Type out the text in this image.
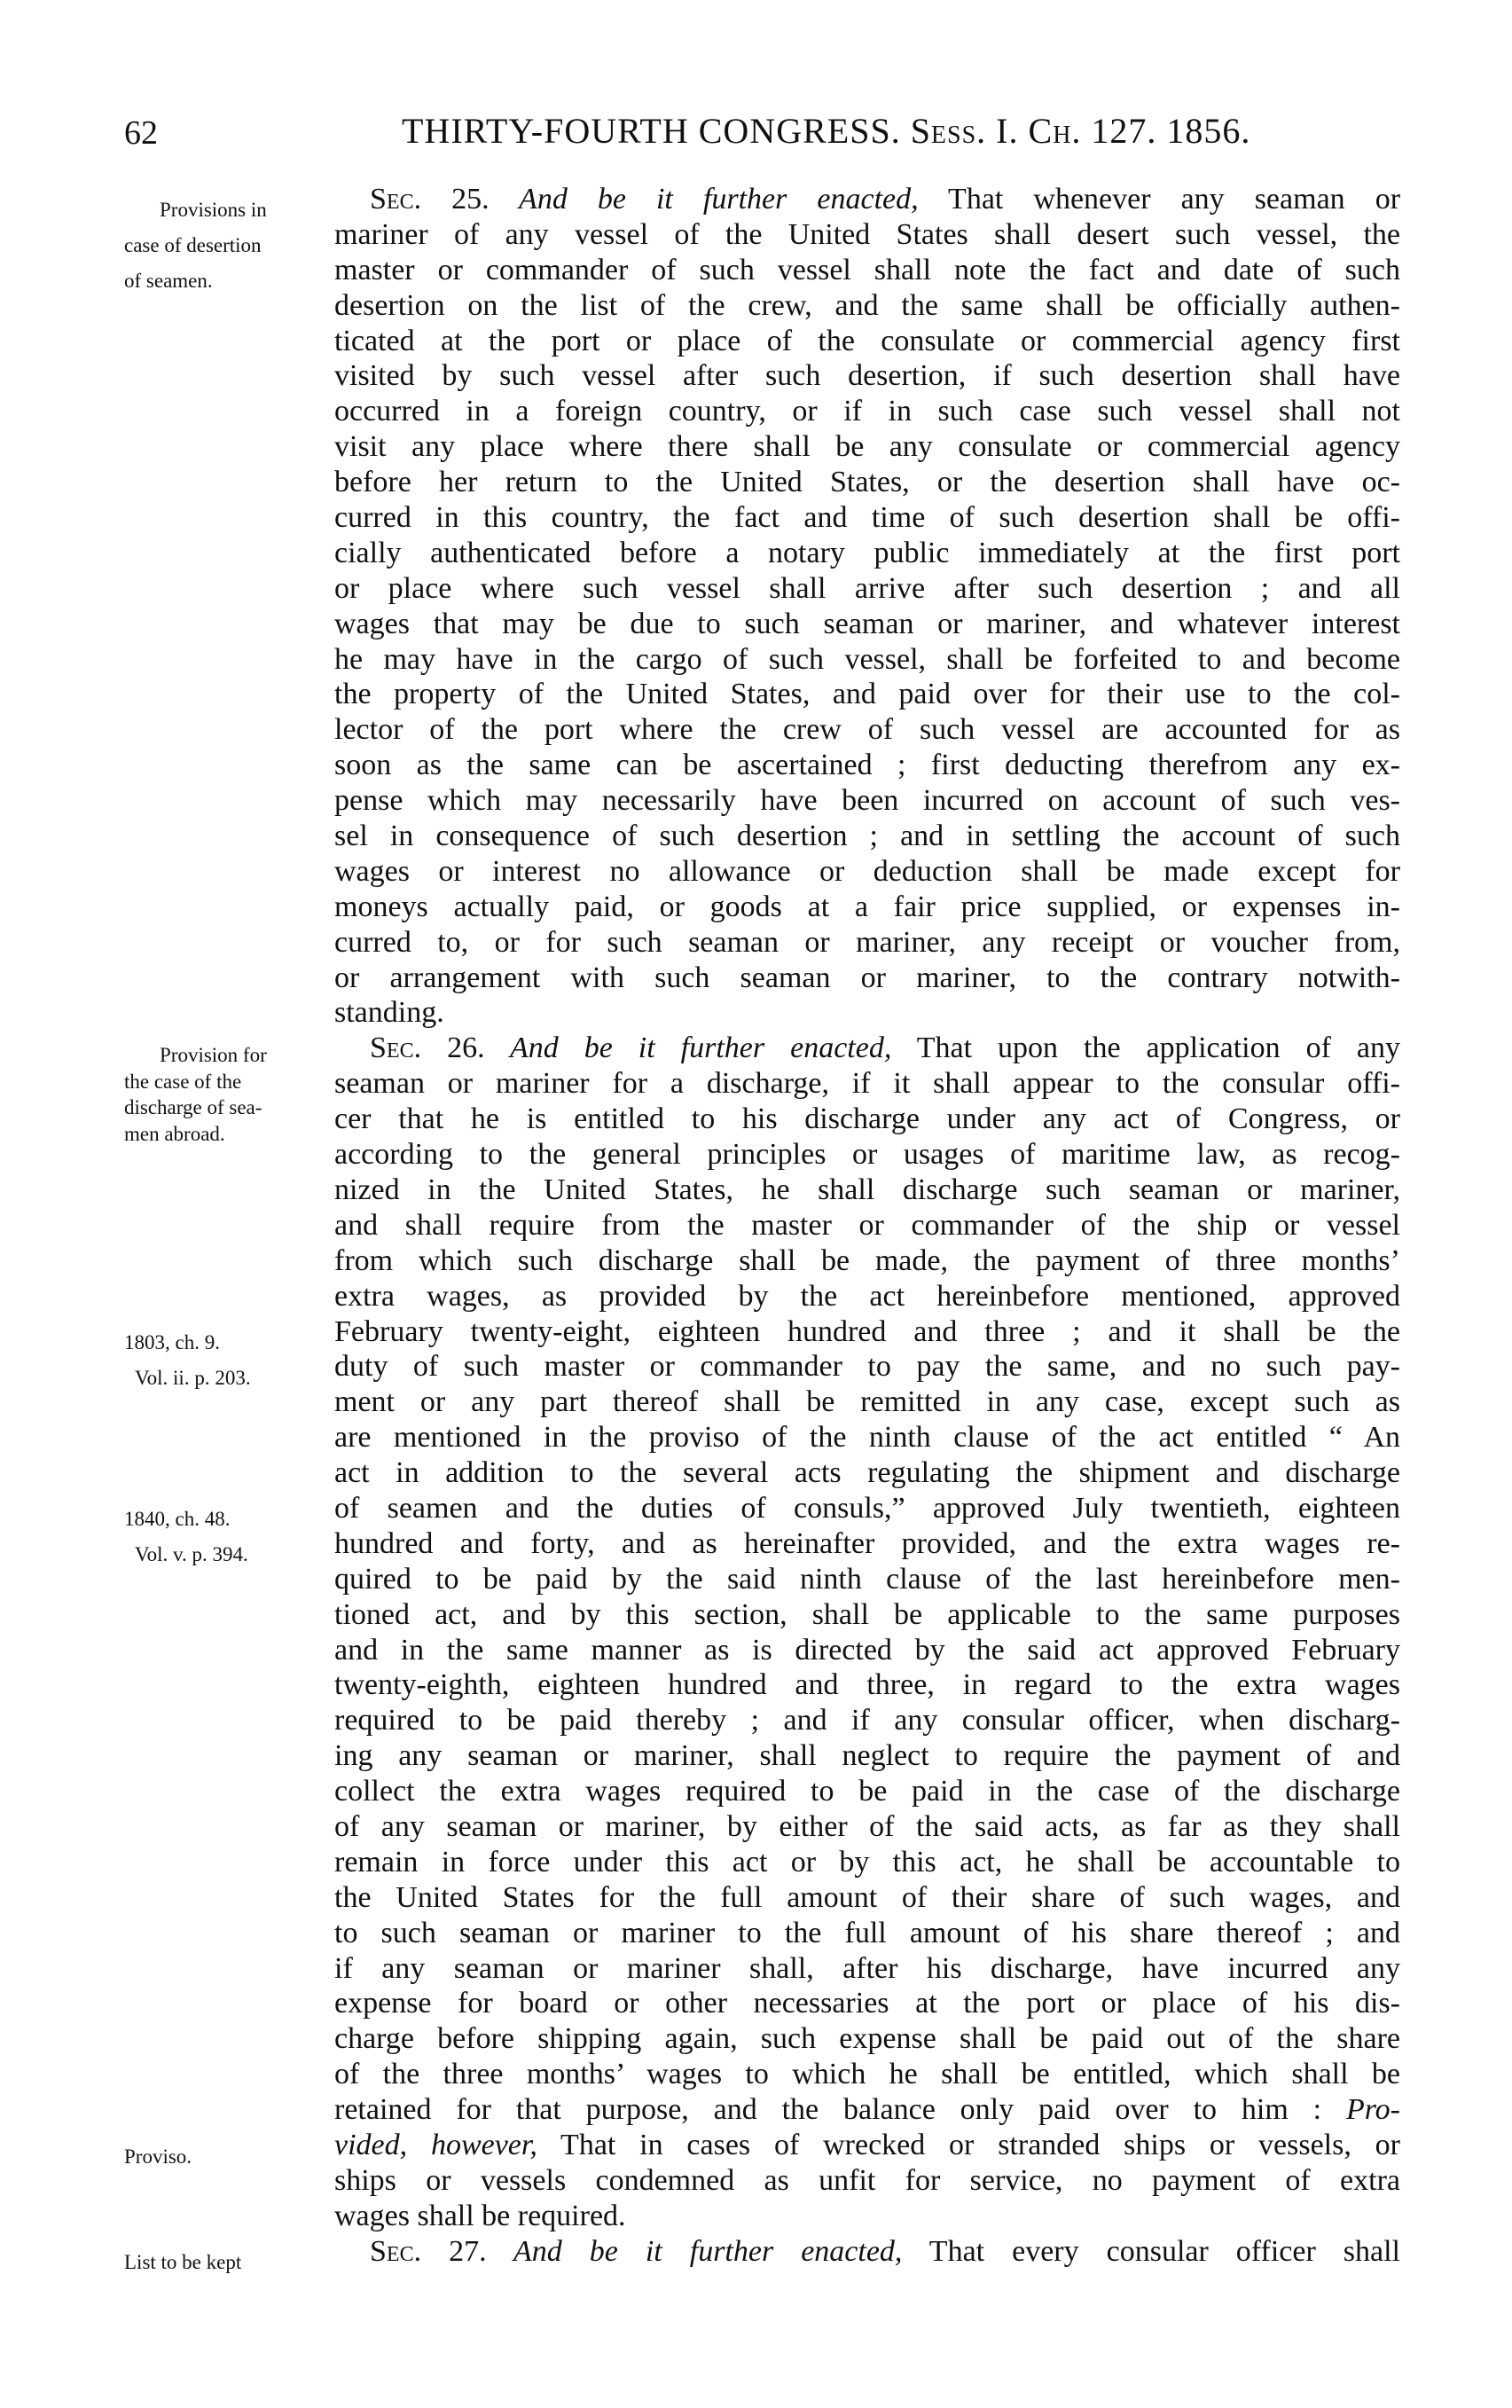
62	THIRTY-FOURTH CONGRESS. Sess. I. Ch. 127. 1856.
Sec. 25. And be it further enacted, That whenever any seaman or
mariner of any vessel of the United States shall desert such vessel, the
master or commander of such vessel shall note the fact and date of such
desertion on the list of the crew, and the same shall be officially authen-
ticated at the port or place of the consulate or commercial agency first
visited by such vessel after such desertion, if such desertion shall have
occurred in a foreign country, or if in such case such vessel shall not
visit any place where there shall be any consulate or commercial agency
before her return to the United States, or the desertion shall have oc-
curred in this country, the fact and time of such desertion shall be offi-
cially authenticated before a notary public immediately at the first port
or place where such vessel shall arrive after such desertion ; and all
wages that may be due to such seaman or mariner, and whatever interest
he may have in the cargo of such vessel, shall be forfeited to and become
the property of the United States, and paid over for their use to the col-
lector of the port where the crew of such vessel are accounted for as
soon as the same can be ascertained ; first deducting therefrom any ex-
pense which may necessarily have been incurred on account of such ves-
sel in consequence of such desertion ; and in settling the account of such
wages or interest no allowance or deduction shall be made except for
moneys actually paid, or goods at a fair price supplied, or expenses in-
curred to, or for such seaman or mariner, any receipt or voucher from,
or arrangement with such seaman or mariner, to the contrary notwith-
standing.
Sec. 26. And be it further enacted, That upon the application of any
seaman or mariner for a discharge, if it shall appear to the consular offi-
cer that he is entitled to his discharge under any act of Congress, or
according to the general principles or usages of maritime law, as recog-
nized in the United States, he shall discharge such seaman or mariner,
and shall require from the master or commander of the ship or vessel
from which such discharge shall be made, the payment of three months’
extra wages, as provided by the act hereinbefore mentioned, approved
February twenty-eight, eighteen hundred and three ; and it shall be the
duty of such master or commander to pay the same, and no such pay-
ment or any part thereof shall be remitted in any case, except such as
are mentioned in the proviso of the ninth clause of the act entitled “ An
act in addition to the several acts regulating the shipment and discharge
of seamen and the duties of consuls,” approved July twentieth, eighteen
hundred and forty, and as hereinafter provided, and the extra wages re-
quired to be paid by the said ninth clause of the last hereinbefore men-
tioned act, and by this section, shall be applicable to the same purposes
and in the same manner as is directed by the said act approved February
twenty-eighth, eighteen hundred and three, in regard to the extra wages
required to be paid thereby ; and if any consular officer, when discharg-
ing any seaman or mariner, shall neglect to require the payment of and
collect the extra wages required to be paid in the case of the discharge
of any seaman or mariner, by either of the said acts, as far as they shall
remain in force under this act or by this act, he shall be accountable to
the United States for the full amount of their share of such wages, and
to such seaman or mariner to the full amount of his share thereof ; and
if any seaman or mariner shall, after his discharge, have incurred any
expense for board or other necessaries at the port or place of his dis-
charge before shipping again, such expense shall be paid out of the share
of the three months’ wages to which he shall be entitled, which shall be
retained for that purpose, and the balance only paid over to him : Pro-
vided, however, That in cases of wrecked or stranded ships or vessels, or
ships or vessels condemned as unfit for service, no payment of extra
wages shall be required.
Sec. 27. And be it further enacted, That every consular officer shall
Provisions in
case of desertion
of seamen.
Provision for
the case of the
discharge of sea-
men abroad.
1803, ch. 9.
Vol. ii. p. 203.
1840, ch. 48.
Vol. v. p. 394.
Proviso.
List to be kept
